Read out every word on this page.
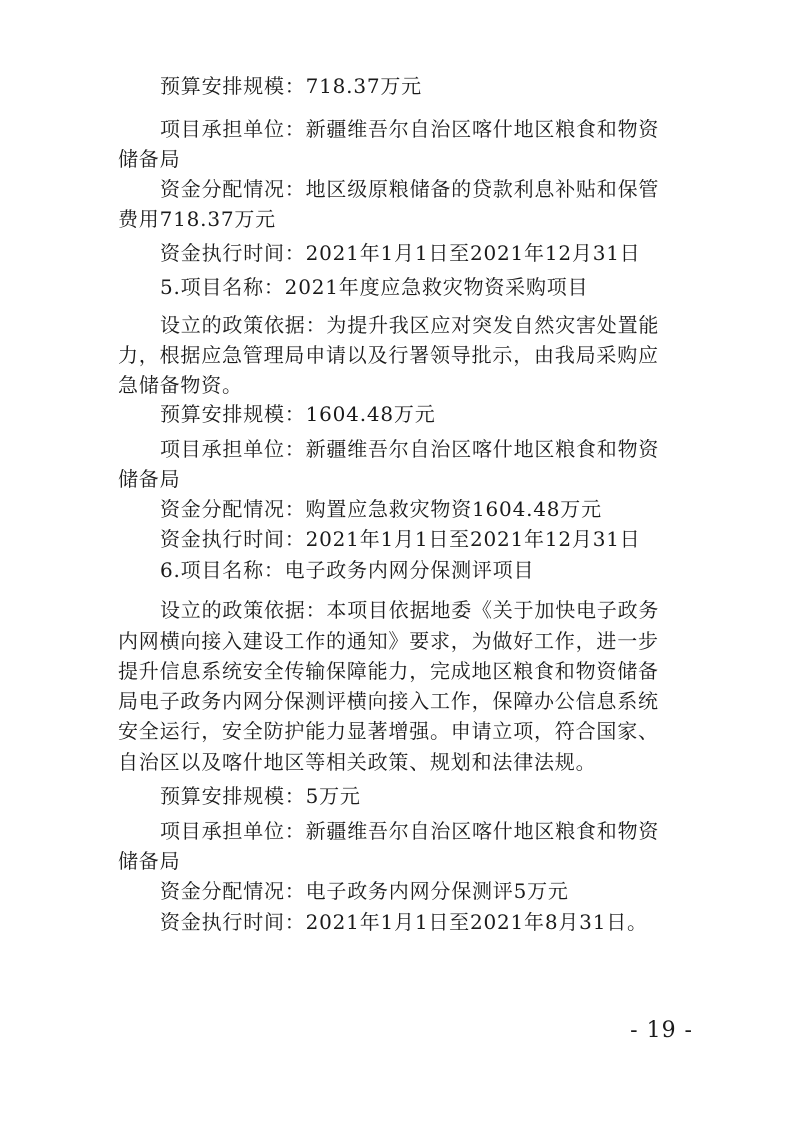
预算安排规模：718.37万元
项目承担单位：新疆维吾尔自治区喀什地区粮食和物资
储备局
资金分配情况：地区级原粮储备的贷款利息补贴和保管
费用718.37万元
资金执行时间：2021年1月1日至2021年12月31日
5.项目名称：2021年度应急救灾物资采购项目
设立的政策依据：为提升我区应对突发自然灾害处置能
力，根据应急管理局申请以及行署领导批示，由我局采购应
急储备物资。
预算安排规模：1604.48万元
项目承担单位：新疆维吾尔自治区喀什地区粮食和物资
储备局
资金分配情况：购置应急救灾物资1604.48万元
资金执行时间：2021年1月1日至2021年12月31日
6.项目名称：电子政务内网分保测评项目
设立的政策依据：本项目依据地委《关于加快电子政务
内网横向接入建设工作的通知》要求，为做好工作，进一步
提升信息系统安全传输保障能力，完成地区粮食和物资储备
局电子政务内网分保测评横向接入工作，保障办公信息系统
安全运行，安全防护能力显著增强。申请立项，符合国家、
自治区以及喀什地区等相关政策、规划和法律法规。
预算安排规模：5万元
项目承担单位：新疆维吾尔自治区喀什地区粮食和物资
储备局
资金分配情况：电子政务内网分保测评5万元
资金执行时间：2021年1月1日至2021年8月31日。
- 19 -
